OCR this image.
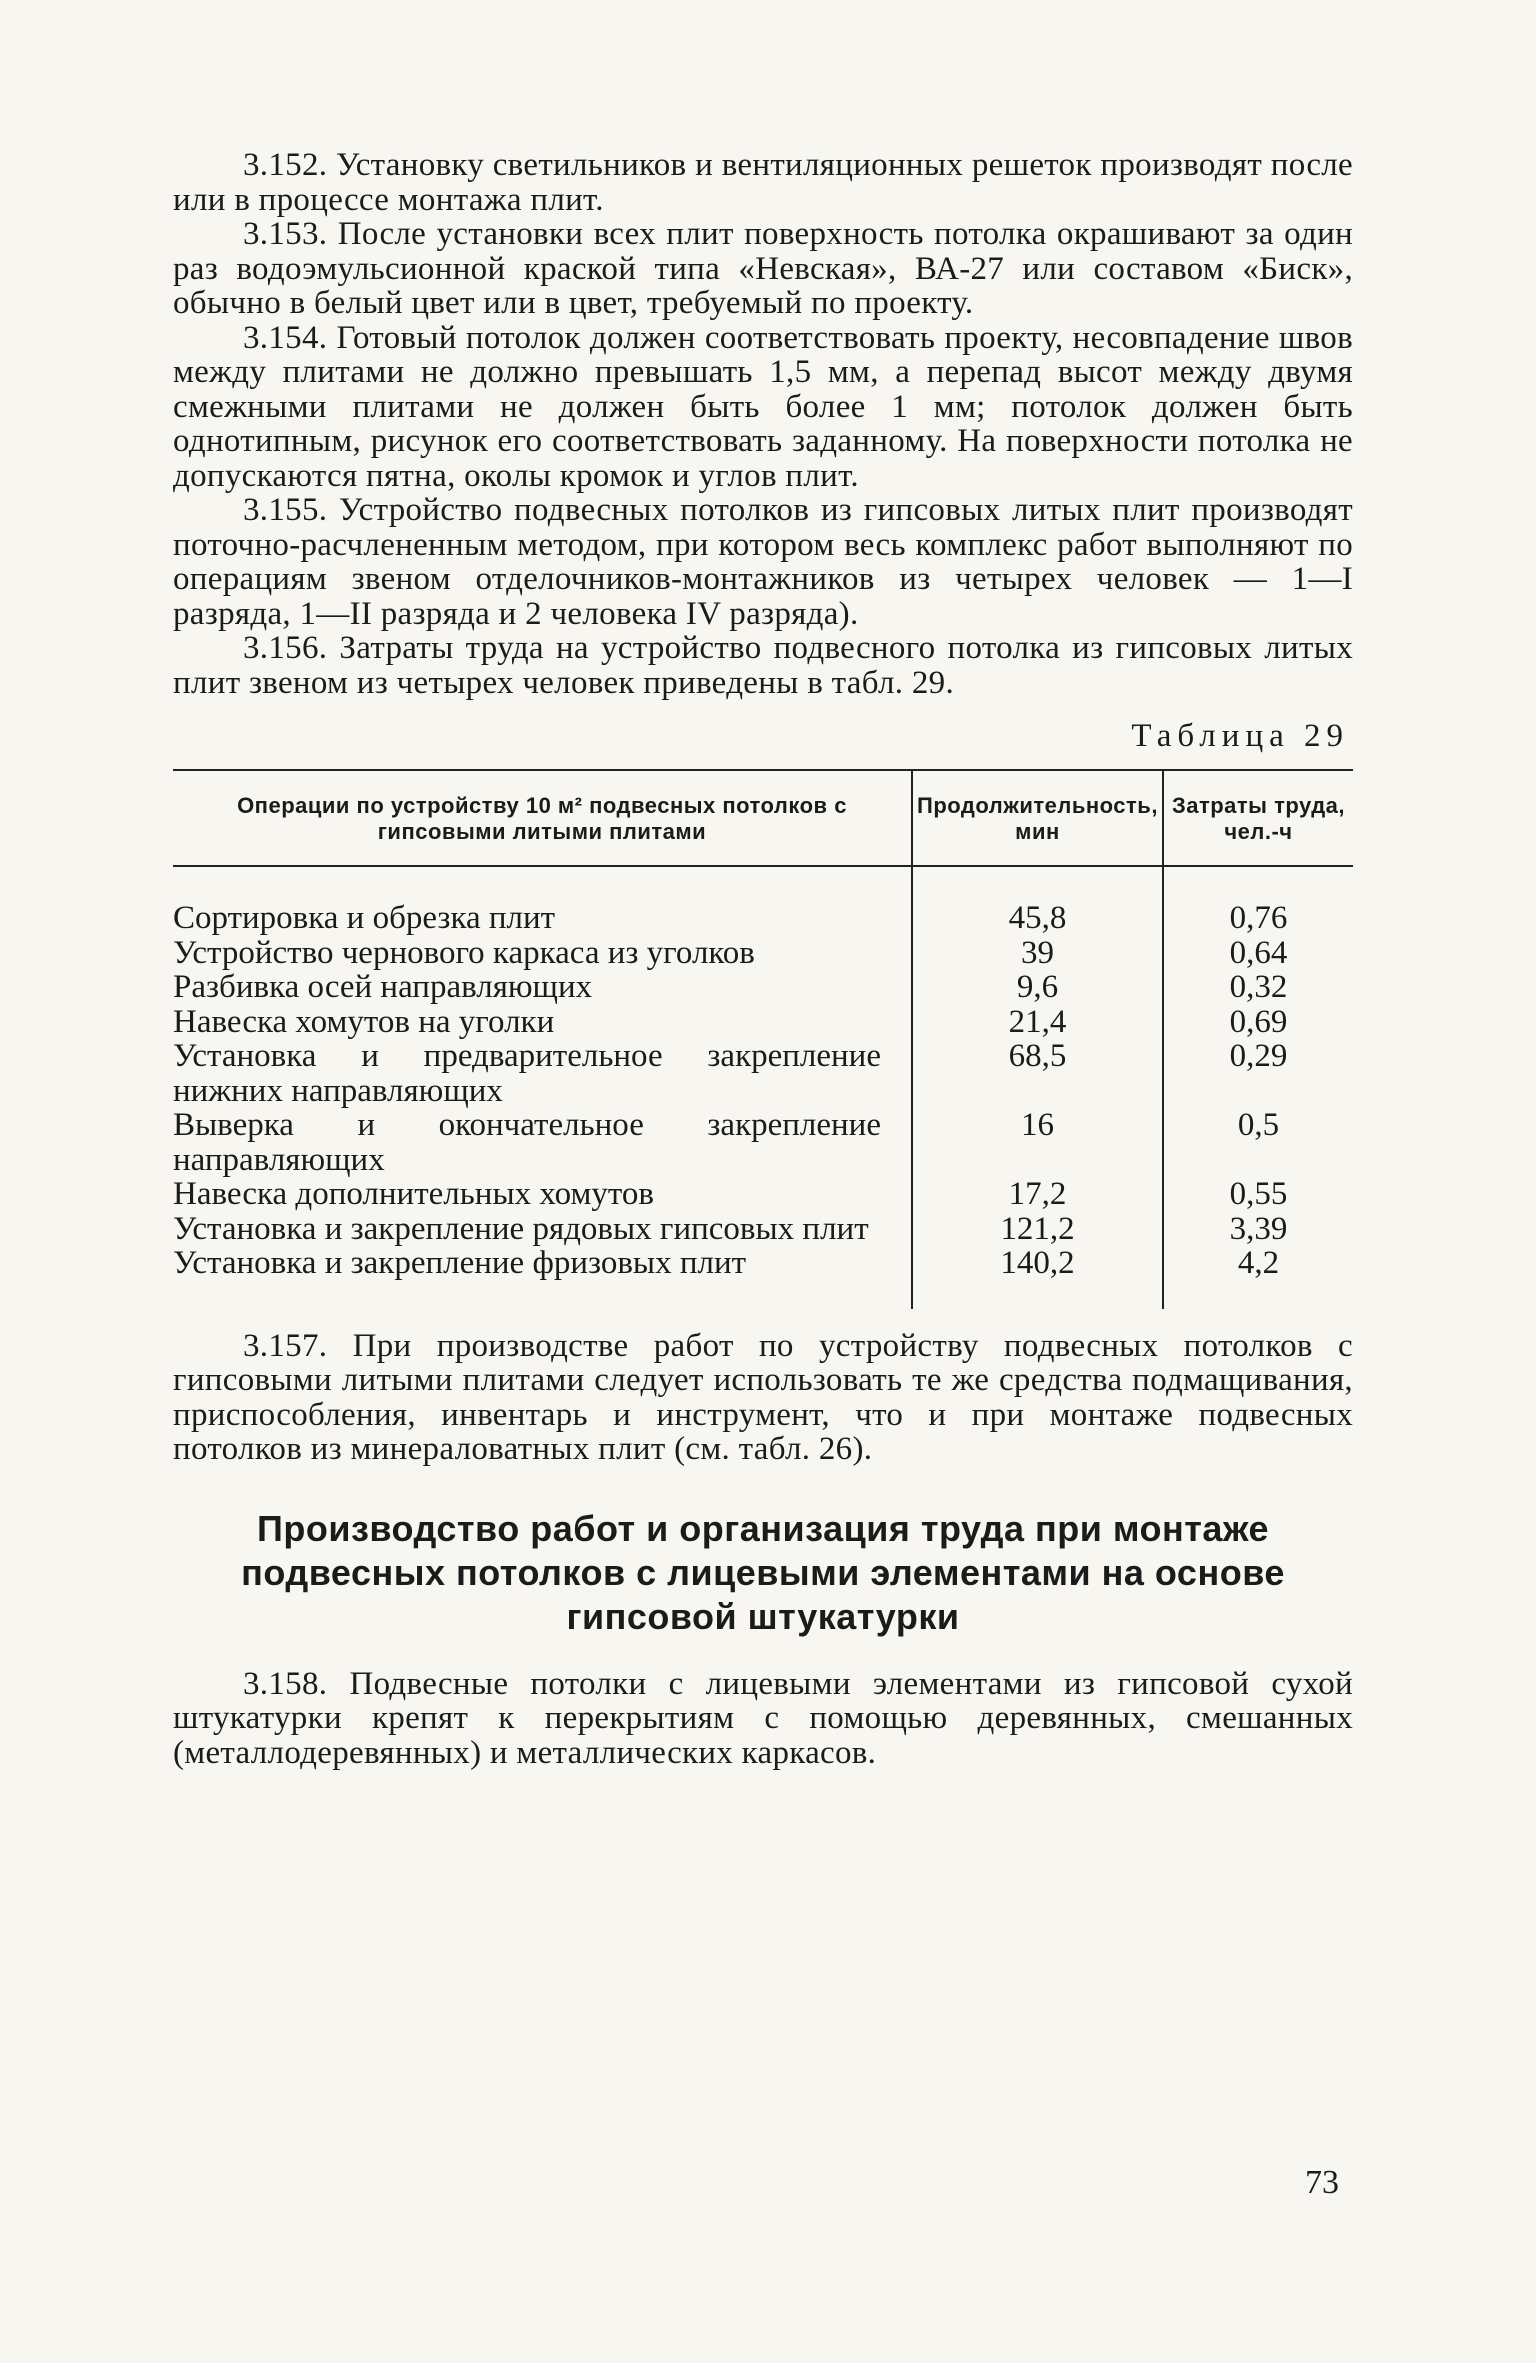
3.152. Установку светильников и вентиляционных решеток производят после или в процессе монтажа плит.

3.153. После установки всех плит поверхность потолка окрашивают за один раз водоэмульсионной краской типа «Невская», ВА-27 или составом «Биск», обычно в белый цвет или в цвет, требуемый по проекту.

3.154. Готовый потолок должен соответствовать проекту, несовпадение швов между плитами не должно превышать 1,5 мм, а перепад высот между двумя смежными плитами не должен быть более 1 мм; потолок должен быть однотипным, рисунок его соответствовать заданному. На поверхности потолка не допускаются пятна, околы кромок и углов плит.

3.155. Устройство подвесных потолков из гипсовых литых плит производят поточно-расчлененным методом, при котором весь комплекс работ выполняют по операциям звеном отделочников-монтажников из четырех человек — 1—I разряда, 1—II разряда и 2 человека IV разряда).

3.156. Затраты труда на устройство подвесного потолка из гипсовых литых плит звеном из четырех человек приведены в табл. 29.

Таблица 29
Операции по устройству 10 м² подвесных потолков с гипсовыми литыми плитами	Продолжительность, мин	Затраты труда, чел.-ч
Сортировка и обрезка плит	45,8	0,76
Устройство чернового каркаса из уголков	39	0,64
Разбивка осей направляющих	9,6	0,32
Навеска хомутов на уголки	21,4	0,69
Установка и предварительное закрепление нижних направляющих	68,5	0,29
Выверка и окончательное закрепление направляющих	16	0,5
Навеска дополнительных хомутов	17,2	0,55
Установка и закрепление рядовых гипсовых плит	121,2	3,39
Установка и закрепление фризовых плит	140,2	4,2

3.157. При производстве работ по устройству подвесных потолков с гипсовыми литыми плитами следует использовать те же средства подмащивания, приспособления, инвентарь и инструмент, что и при монтаже подвесных потолков из минераловатных плит (см. табл. 26).

Производство работ и организация труда при монтаже подвесных потолков с лицевыми элементами на основе гипсовой штукатурки

3.158. Подвесные потолки с лицевыми элементами из гипсовой сухой штукатурки крепят к перекрытиям с помощью деревянных, смешанных (металлодеревянных) и металлических каркасов.

73
